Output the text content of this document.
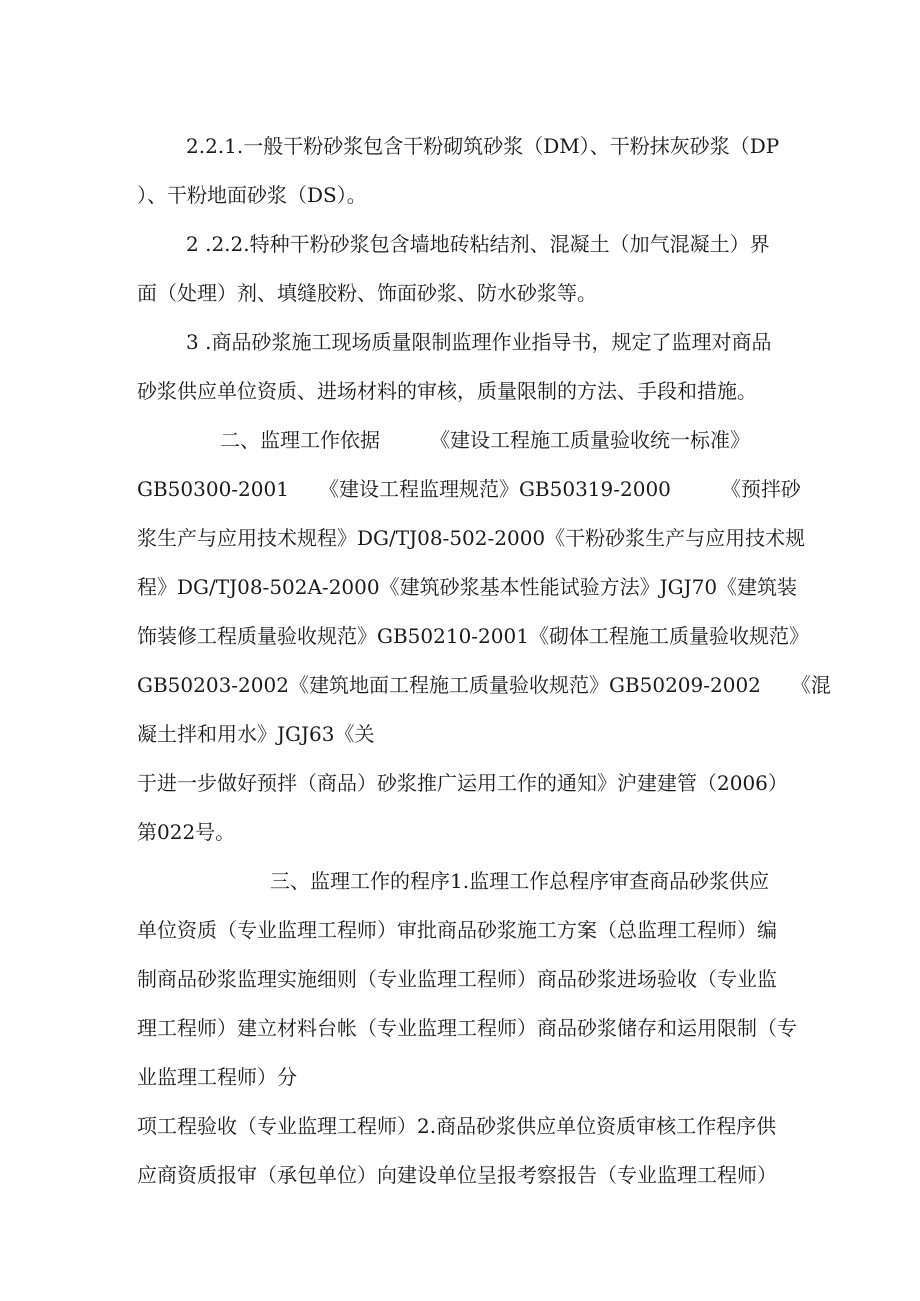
2.2.1.一般干粉砂浆包含干粉砌筑砂浆（DM）、干粉抹灰砂浆（DP
）、干粉地面砂浆（DS）。
2 .2.2.特种干粉砂浆包含墙地砖粘结剂、混凝土（加气混凝土）界
面（处理）剂、填缝胶粉、饰面砂浆、防水砂浆等。
3 .商品砂浆施工现场质量限制监理作业指导书，规定了监理对商品
砂浆供应单位资质、进场材料的审核，质量限制的方法、手段和措施。
二、监理工作依据　　　《建设工程施工质量验收统一标准》
GB50300-2001　　《建设工程监理规范》GB50319-2000　　　《预拌砂
浆生产与应用技术规程》DG/TJ08-502-2000《干粉砂浆生产与应用技术规
程》DG/TJ08-502A-2000《建筑砂浆基本性能试验方法》JGJ70《建筑装
饰装修工程质量验收规范》GB50210-2001《砌体工程施工质量验收规范》
GB50203-2002《建筑地面工程施工质量验收规范》GB50209-2002　　《混
凝土拌和用水》JGJ63《关
于进一步做好预拌（商品）砂浆推广运用工作的通知》沪建建管（2006）
第022号。
三、监理工作的程序1.监理工作总程序审查商品砂浆供应
单位资质（专业监理工程师）审批商品砂浆施工方案（总监理工程师）编
制商品砂浆监理实施细则（专业监理工程师）商品砂浆进场验收（专业监
理工程师）建立材料台帐（专业监理工程师）商品砂浆储存和运用限制（专
业监理工程师）分
项工程验收（专业监理工程师）2.商品砂浆供应单位资质审核工作程序供
应商资质报审（承包单位）向建设单位呈报考察报告（专业监理工程师）
